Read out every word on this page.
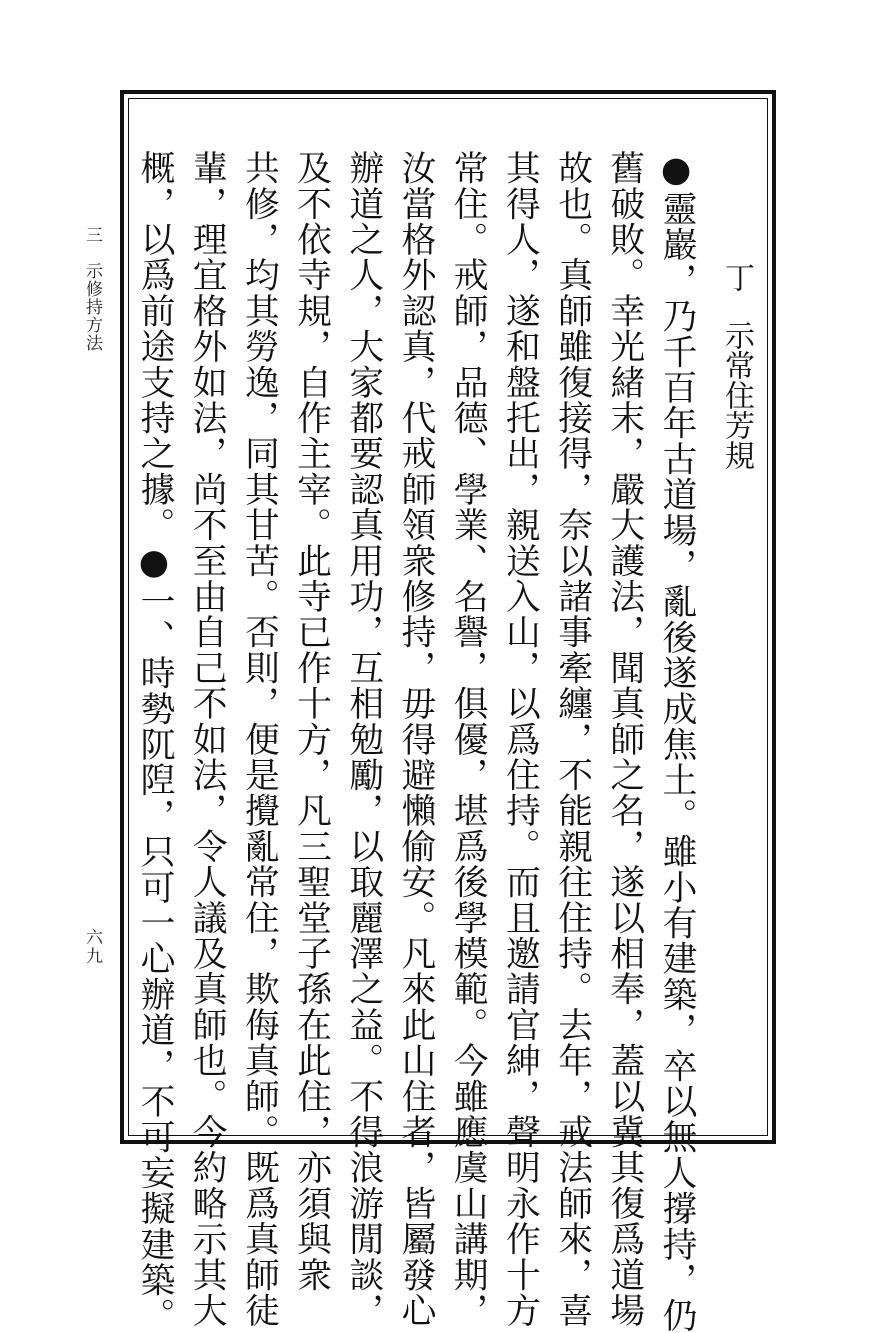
三　示修持方法
六九
丁示常住芳規
●靈巖，乃千百年古道場，亂後遂成焦土。雖小有建築，卒以無人撐持，仍
舊破敗。幸光緒末，嚴大護法，聞真師之名，遂以相奉，蓋以冀其復爲道場
故也。真師雖復接得，奈以諸事牽纏，不能親往住持。去年，戒法師來，喜
其得人，遂和盤托出，親送入山，以爲住持。而且邀請官紳，聲明永作十方
常住。戒師，品德、學業、名譽，俱優，堪爲後學模範。今雖應虞山講期，
汝當格外認真，代戒師領衆修持，毋得避懶偷安。凡來此山住者，皆屬發心
辦道之人，大家都要認真用功，互相勉勵，以取麗澤之益。不得浪游閒談，
及不依寺規，自作主宰。此寺已作十方，凡三聖堂子孫在此住，亦須與衆
共修，均其勞逸，同其甘苦。否則，便是攪亂常住，欺侮真師。既爲真師徒
輩，理宜格外如法，尚不至由自己不如法，令人議及真師也。今約略示其大
概，以爲前途支持之據。●一、時勢阢隉，只可一心辦道，不可妄擬建築。
